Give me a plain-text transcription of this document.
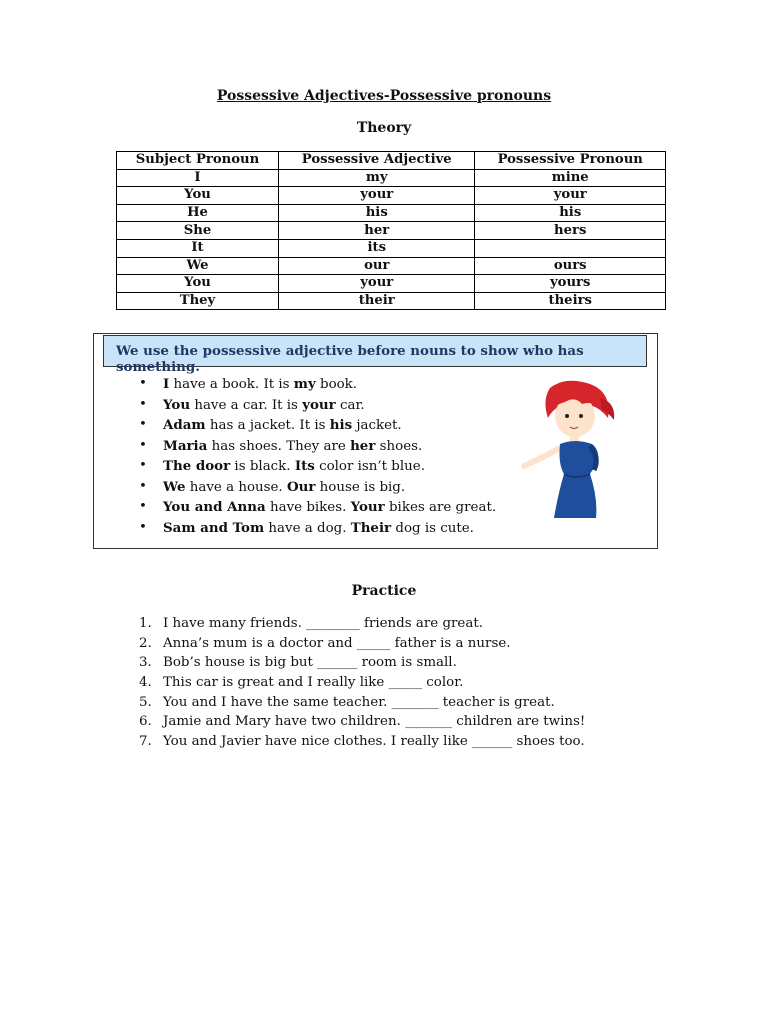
Possessive Adjectives-Possessive pronouns
Theory
Subject Pronoun	Possessive Adjective	Possessive Pronoun
I	my	mine
You	your	your
He	his	his
She	her	hers
It	its	
We	our	ours
You	your	yours
They	their	theirs
We use the possessive adjective before nouns to show who has something.
• I have a book. It is my book.
• You have a car. It is your car.
• Adam has a jacket. It is his jacket.
• Maria has shoes. They are her shoes.
• The door is black. Its color isn’t blue.
• We have a house. Our house is big.
• You and Anna have bikes. Your bikes are great.
• Sam and Tom have a dog. Their dog is cute.
Practice
1. I have many friends. ________ friends are great.
2. Anna’s mum is a doctor and _____ father is a nurse.
3. Bob’s house is big but ______ room is small.
4. This car is great and I really like _____ color.
5. You and I have the same teacher. _______ teacher is great.
6. Jamie and Mary have two children. _______ children are twins!
7. You and Javier have nice clothes. I really like ______ shoes too.
